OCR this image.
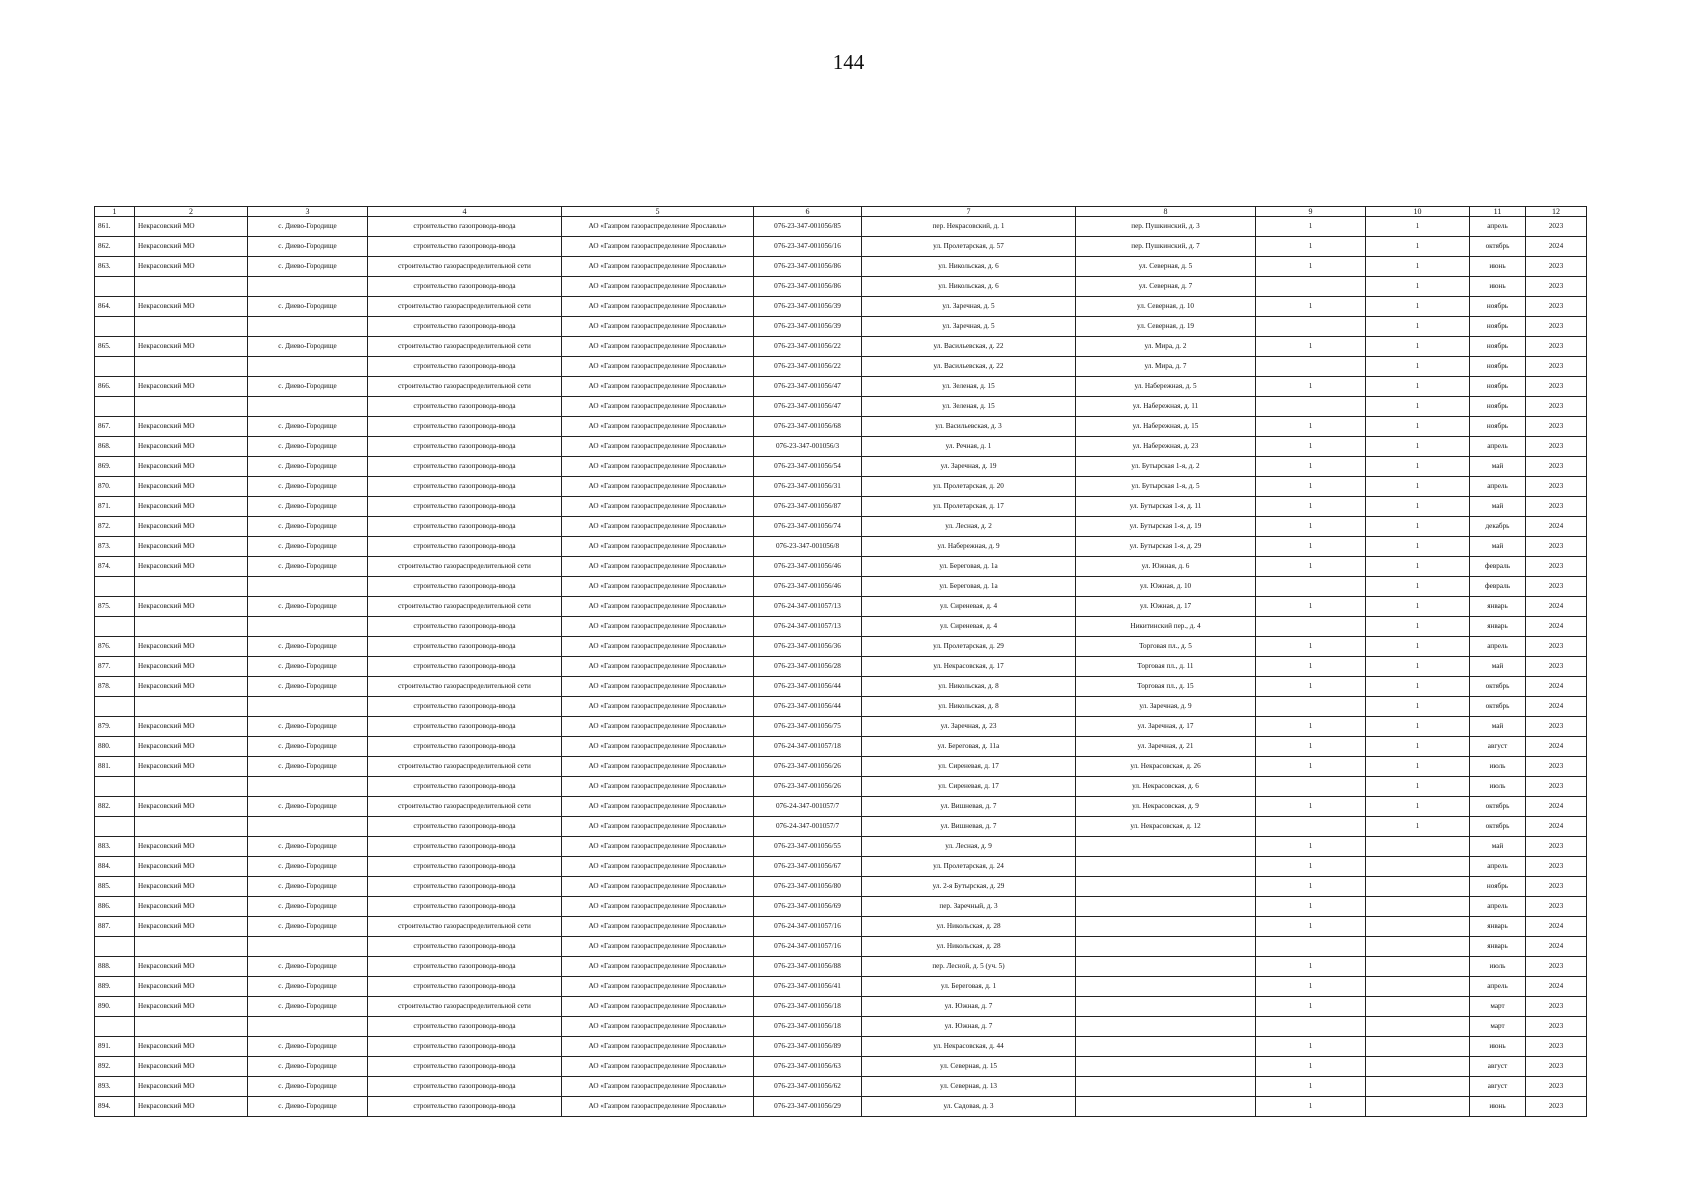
144
1	2	3	4	5	6	7	8	9	10	11	12
861.	Некрасовский МО	с. Диево-Городище	строительство газопровода-ввода	АО «Газпром газораспределение Ярославль»	076-23-347-001056/85	пер. Некрасовский, д. 1	пер. Пушкинский, д. 3	1	1	апрель	2023
862.	Некрасовский МО	с. Диево-Городище	строительство газопровода-ввода	АО «Газпром газораспределение Ярославль»	076-23-347-001056/16	ул. Пролетарская, д. 57	пер. Пушкинский, д. 7	1	1	октябрь	2024
863.	Некрасовский МО	с. Диево-Городище	строительство газораспределительной сети	АО «Газпром газораспределение Ярославль»	076-23-347-001056/86	ул. Никольская, д. 6	ул. Северная, д. 5	1	1	июнь	2023
			строительство газопровода-ввода	АО «Газпром газораспределение Ярославль»	076-23-347-001056/86	ул. Никольская, д. 6	ул. Северная, д. 7		1	июнь	2023
864.	Некрасовский МО	с. Диево-Городище	строительство газораспределительной сети	АО «Газпром газораспределение Ярославль»	076-23-347-001056/39	ул. Заречная, д. 5	ул. Северная, д. 10	1	1	ноябрь	2023
			строительство газопровода-ввода	АО «Газпром газораспределение Ярославль»	076-23-347-001056/39	ул. Заречная, д. 5	ул. Северная, д. 19		1	ноябрь	2023
865.	Некрасовский МО	с. Диево-Городище	строительство газораспределительной сети	АО «Газпром газораспределение Ярославль»	076-23-347-001056/22	ул. Васильевская, д. 22	ул. Мира, д. 2	1	1	ноябрь	2023
			строительство газопровода-ввода	АО «Газпром газораспределение Ярославль»	076-23-347-001056/22	ул. Васильевская, д. 22	ул. Мира, д. 7		1	ноябрь	2023
866.	Некрасовский МО	с. Диево-Городище	строительство газораспределительной сети	АО «Газпром газораспределение Ярославль»	076-23-347-001056/47	ул. Зеленая, д. 15	ул. Набережная, д. 5	1	1	ноябрь	2023
			строительство газопровода-ввода	АО «Газпром газораспределение Ярославль»	076-23-347-001056/47	ул. Зеленая, д. 15	ул. Набережная, д. 11		1	ноябрь	2023
867.	Некрасовский МО	с. Диево-Городище	строительство газопровода-ввода	АО «Газпром газораспределение Ярославль»	076-23-347-001056/68	ул. Васильевская, д. 3	ул. Набережная, д. 15	1	1	ноябрь	2023
868.	Некрасовский МО	с. Диево-Городище	строительство газопровода-ввода	АО «Газпром газораспределение Ярославль»	076-23-347-001056/3	ул. Речная, д. 1	ул. Набережная, д. 23	1	1	апрель	2023
869.	Некрасовский МО	с. Диево-Городище	строительство газопровода-ввода	АО «Газпром газораспределение Ярославль»	076-23-347-001056/54	ул. Заречная, д. 19	ул. Бутырская 1-я, д. 2	1	1	май	2023
870.	Некрасовский МО	с. Диево-Городище	строительство газопровода-ввода	АО «Газпром газораспределение Ярославль»	076-23-347-001056/31	ул. Пролетарская, д. 20	ул. Бутырская 1-я, д. 5	1	1	апрель	2023
871.	Некрасовский МО	с. Диево-Городище	строительство газопровода-ввода	АО «Газпром газораспределение Ярославль»	076-23-347-001056/87	ул. Пролетарская, д. 17	ул. Бутырская 1-я, д. 11	1	1	май	2023
872.	Некрасовский МО	с. Диево-Городище	строительство газопровода-ввода	АО «Газпром газораспределение Ярославль»	076-23-347-001056/74	ул. Лесная, д. 2	ул. Бутырская 1-я, д. 19	1	1	декабрь	2024
873.	Некрасовский МО	с. Диево-Городище	строительство газопровода-ввода	АО «Газпром газораспределение Ярославль»	076-23-347-001056/8	ул. Набережная, д. 9	ул. Бутырская 1-я, д. 29	1	1	май	2023
874.	Некрасовский МО	с. Диево-Городище	строительство газораспределительной сети	АО «Газпром газораспределение Ярославль»	076-23-347-001056/46	ул. Береговая, д. 1а	ул. Южная, д. 6	1	1	февраль	2023
			строительство газопровода-ввода	АО «Газпром газораспределение Ярославль»	076-23-347-001056/46	ул. Береговая, д. 1а	ул. Южная, д. 10		1	февраль	2023
875.	Некрасовский МО	с. Диево-Городище	строительство газораспределительной сети	АО «Газпром газораспределение Ярославль»	076-24-347-001057/13	ул. Сиреневая, д. 4	ул. Южная, д. 17	1	1	январь	2024
			строительство газопровода-ввода	АО «Газпром газораспределение Ярославль»	076-24-347-001057/13	ул. Сиреневая, д. 4	Никитинский пер., д. 4		1	январь	2024
876.	Некрасовский МО	с. Диево-Городище	строительство газопровода-ввода	АО «Газпром газораспределение Ярославль»	076-23-347-001056/36	ул. Пролетарская, д. 29	Торговая пл., д. 5	1	1	апрель	2023
877.	Некрасовский МО	с. Диево-Городище	строительство газопровода-ввода	АО «Газпром газораспределение Ярославль»	076-23-347-001056/28	ул. Некрасовская, д. 17	Торговая пл., д. 11	1	1	май	2023
878.	Некрасовский МО	с. Диево-Городище	строительство газораспределительной сети	АО «Газпром газораспределение Ярославль»	076-23-347-001056/44	ул. Никольская, д. 8	Торговая пл., д. 15	1	1	октябрь	2024
			строительство газопровода-ввода	АО «Газпром газораспределение Ярославль»	076-23-347-001056/44	ул. Никольская, д. 8	ул. Заречная, д. 9		1	октябрь	2024
879.	Некрасовский МО	с. Диево-Городище	строительство газопровода-ввода	АО «Газпром газораспределение Ярославль»	076-23-347-001056/75	ул. Заречная, д. 23	ул. Заречная, д. 17	1	1	май	2023
880.	Некрасовский МО	с. Диево-Городище	строительство газопровода-ввода	АО «Газпром газораспределение Ярославль»	076-24-347-001057/18	ул. Береговая, д. 11а	ул. Заречная, д. 21	1	1	август	2024
881.	Некрасовский МО	с. Диево-Городище	строительство газораспределительной сети	АО «Газпром газораспределение Ярославль»	076-23-347-001056/26	ул. Сиреневая, д. 17	ул. Некрасовская, д. 26	1	1	июль	2023
			строительство газопровода-ввода	АО «Газпром газораспределение Ярославль»	076-23-347-001056/26	ул. Сиреневая, д. 17	ул. Некрасовская, д. 6		1	июль	2023
882.	Некрасовский МО	с. Диево-Городище	строительство газораспределительной сети	АО «Газпром газораспределение Ярославль»	076-24-347-001057/7	ул. Вишневая, д. 7	ул. Некрасовская, д. 9	1	1	октябрь	2024
			строительство газопровода-ввода	АО «Газпром газораспределение Ярославль»	076-24-347-001057/7	ул. Вишневая, д. 7	ул. Некрасовская, д. 12		1	октябрь	2024
883.	Некрасовский МО	с. Диево-Городище	строительство газопровода-ввода	АО «Газпром газораспределение Ярославль»	076-23-347-001056/55	ул. Лесная, д. 9		1		май	2023
884.	Некрасовский МО	с. Диево-Городище	строительство газопровода-ввода	АО «Газпром газораспределение Ярославль»	076-23-347-001056/67	ул. Пролетарская, д. 24		1		апрель	2023
885.	Некрасовский МО	с. Диево-Городище	строительство газопровода-ввода	АО «Газпром газораспределение Ярославль»	076-23-347-001056/80	ул. 2-я Бутырская, д. 29		1		ноябрь	2023
886.	Некрасовский МО	с. Диево-Городище	строительство газопровода-ввода	АО «Газпром газораспределение Ярославль»	076-23-347-001056/69	пер. Заречный, д. 3		1		апрель	2023
887.	Некрасовский МО	с. Диево-Городище	строительство газораспределительной сети	АО «Газпром газораспределение Ярославль»	076-24-347-001057/16	ул. Никольская, д. 28		1		январь	2024
			строительство газопровода-ввода	АО «Газпром газораспределение Ярославль»	076-24-347-001057/16	ул. Никольская, д. 28				январь	2024
888.	Некрасовский МО	с. Диево-Городище	строительство газопровода-ввода	АО «Газпром газораспределение Ярославль»	076-23-347-001056/88	пер. Лесной, д. 5 (уч. 5)		1		июль	2023
889.	Некрасовский МО	с. Диево-Городище	строительство газопровода-ввода	АО «Газпром газораспределение Ярославль»	076-23-347-001056/41	ул. Береговая, д. 1		1		апрель	2024
890.	Некрасовский МО	с. Диево-Городище	строительство газораспределительной сети	АО «Газпром газораспределение Ярославль»	076-23-347-001056/18	ул. Южная, д. 7		1		март	2023
			строительство газопровода-ввода	АО «Газпром газораспределение Ярославль»	076-23-347-001056/18	ул. Южная, д. 7				март	2023
891.	Некрасовский МО	с. Диево-Городище	строительство газопровода-ввода	АО «Газпром газораспределение Ярославль»	076-23-347-001056/89	ул. Некрасовская, д. 44		1		июнь	2023
892.	Некрасовский МО	с. Диево-Городище	строительство газопровода-ввода	АО «Газпром газораспределение Ярославль»	076-23-347-001056/63	ул. Северная, д. 15		1		август	2023
893.	Некрасовский МО	с. Диево-Городище	строительство газопровода-ввода	АО «Газпром газораспределение Ярославль»	076-23-347-001056/62	ул. Северная, д. 13		1		август	2023
894.	Некрасовский МО	с. Диево-Городище	строительство газопровода-ввода	АО «Газпром газораспределение Ярославль»	076-23-347-001056/29	ул. Садовая, д. 3		1		июнь	2023
